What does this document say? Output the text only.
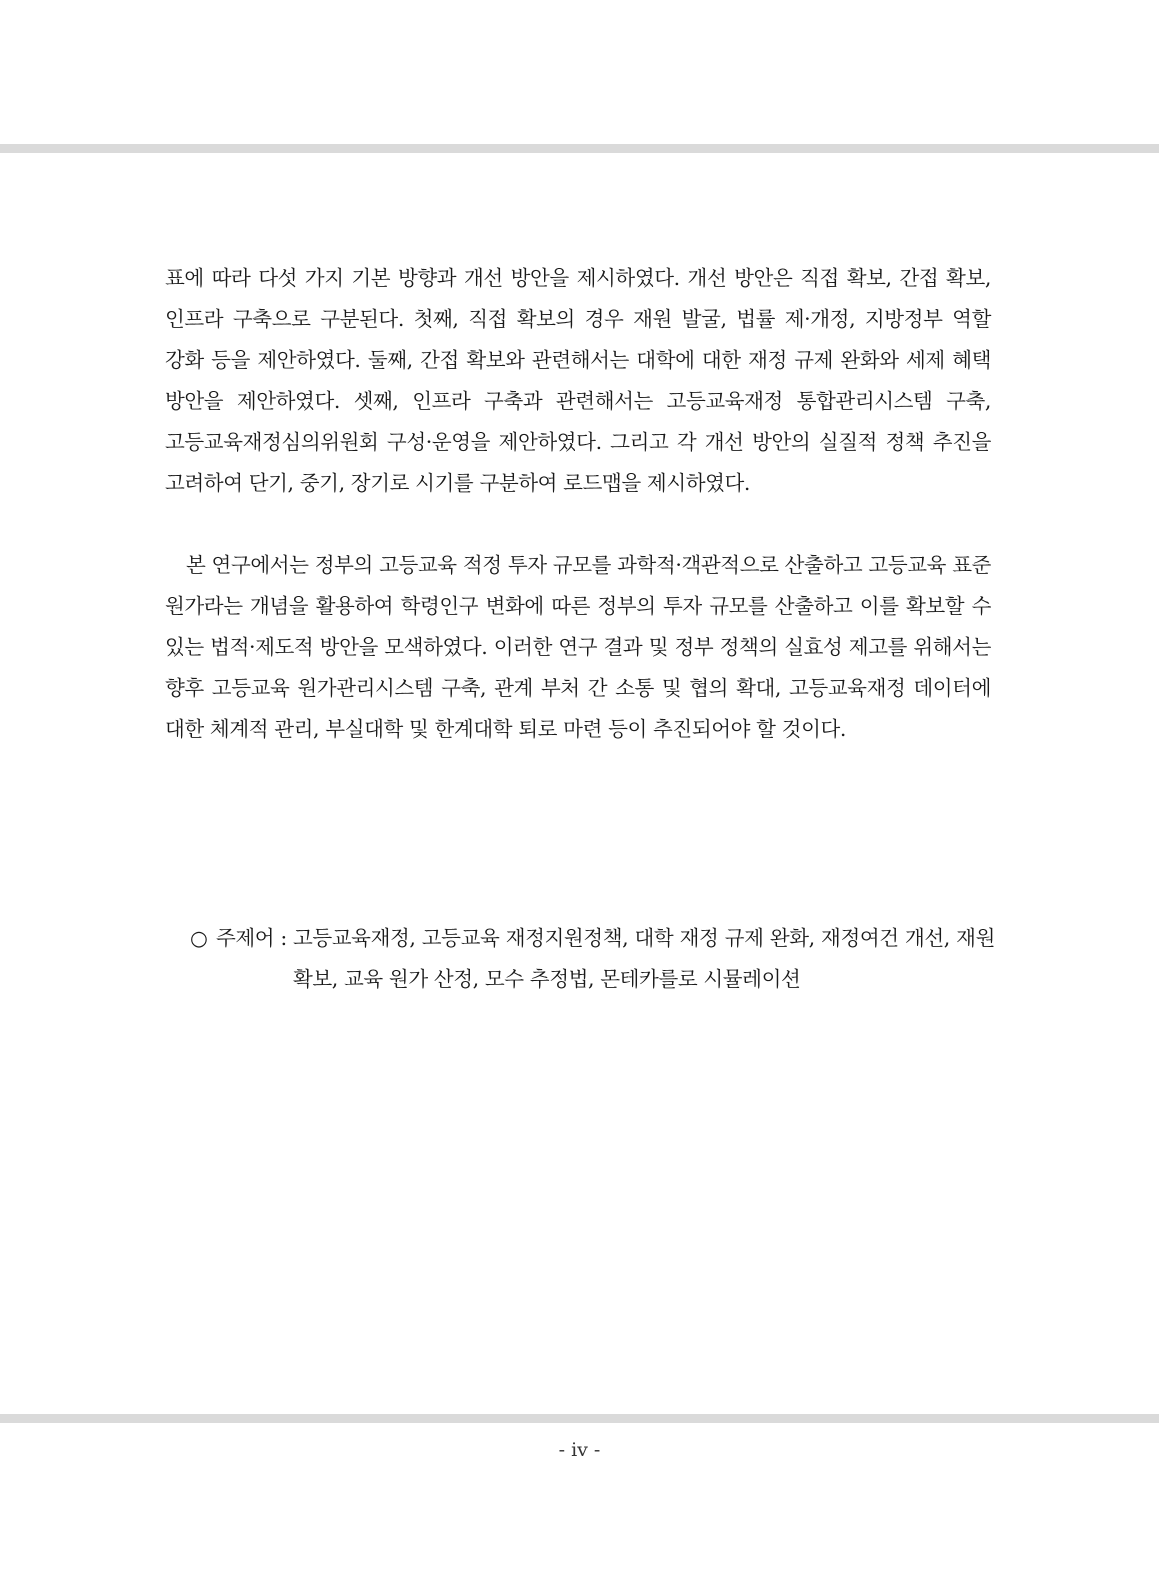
표에 따라 다섯 가지 기본 방향과 개선 방안을 제시하였다. 개선 방안은 직접 확보, 간접 확보, 인프라 구축으로 구분된다. 첫째, 직접 확보의 경우 재원 발굴, 법률 제·개정, 지방정부 역할 강화 등을 제안하였다. 둘째, 간접 확보와 관련해서는 대학에 대한 재정 규제 완화와 세제 혜택 방안을 제안하였다. 셋째, 인프라 구축과 관련해서는 고등교육재정 통합관리시스템 구축, 고등교육재정심의위원회 구성·운영을 제안하였다. 그리고 각 개선 방안의 실질적 정책 추진을 고려하여 단기, 중기, 장기로 시기를 구분하여 로드맵을 제시하였다.

본 연구에서는 정부의 고등교육 적정 투자 규모를 과학적·객관적으로 산출하고 고등교육 표준 원가라는 개념을 활용하여 학령인구 변화에 따른 정부의 투자 규모를 산출하고 이를 확보할 수 있는 법적·제도적 방안을 모색하였다. 이러한 연구 결과 및 정부 정책의 실효성 제고를 위해서는 향후 고등교육 원가관리시스템 구축, 관계 부처 간 소통 및 협의 확대, 고등교육재정 데이터에 대한 체계적 관리, 부실대학 및 한계대학 퇴로 마련 등이 추진되어야 할 것이다.

○ 주제어 : 고등교육재정, 고등교육 재정지원정책, 대학 재정 규제 완화, 재정여건 개선, 재원 확보, 교육 원가 산정, 모수 추정법, 몬테카를로 시뮬레이션
- iv -
